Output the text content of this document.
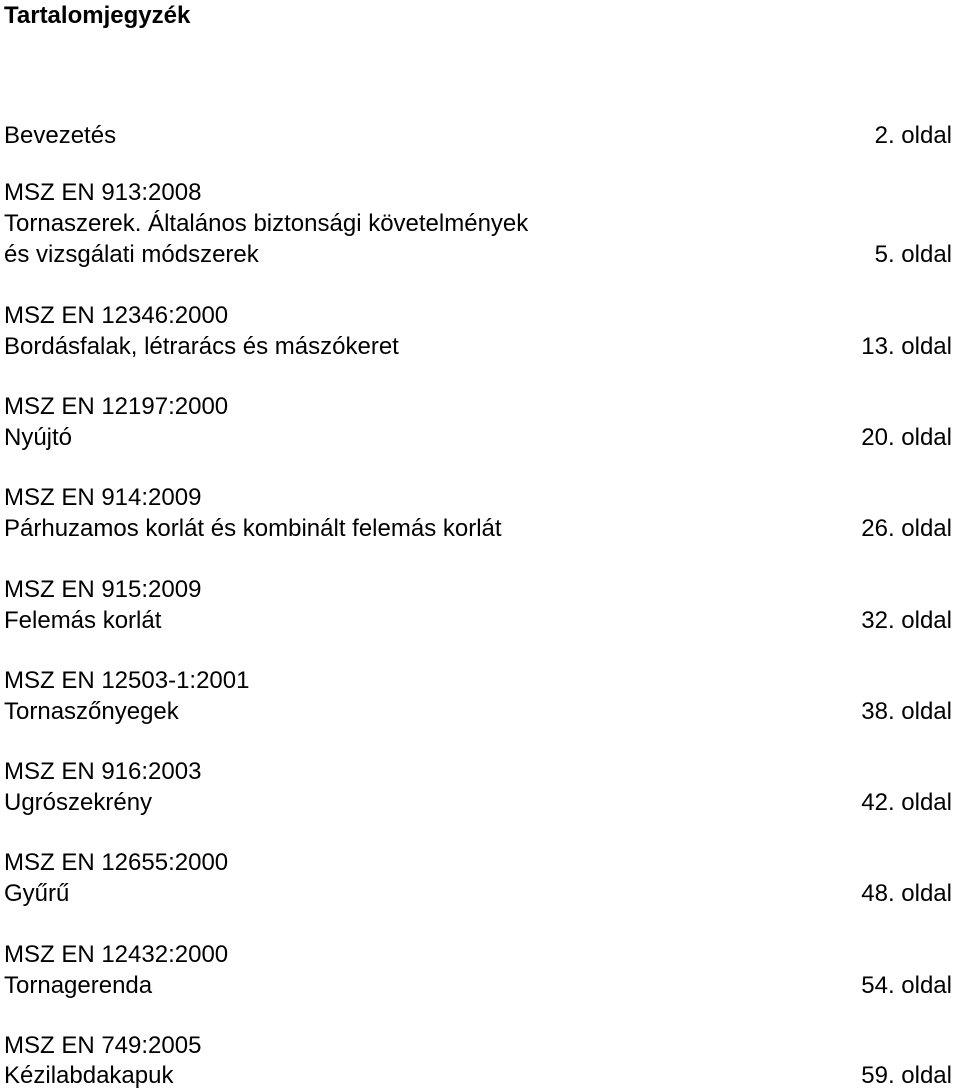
Tartalomjegyzék
Bevezetés	2. oldal
MSZ EN 913:2008
Tornaszerek. Általános biztonsági követelmények
és vizsgálati módszerek	5. oldal
MSZ EN 12346:2000
Bordásfalak, létrarács és mászókeret	13. oldal
MSZ EN 12197:2000
Nyújtó	20. oldal
MSZ EN 914:2009
Párhuzamos korlát és kombinált felemás korlát	26. oldal
MSZ EN 915:2009
Felemás korlát	32. oldal
MSZ EN 12503-1:2001
Tornaszőnyegek	38. oldal
MSZ EN 916:2003
Ugrószekrény	42. oldal
MSZ EN 12655:2000
Gyűrű	48. oldal
MSZ EN 12432:2000
Tornagerenda	54. oldal
MSZ EN 749:2005
Kézilabdakapuk	59. oldal
